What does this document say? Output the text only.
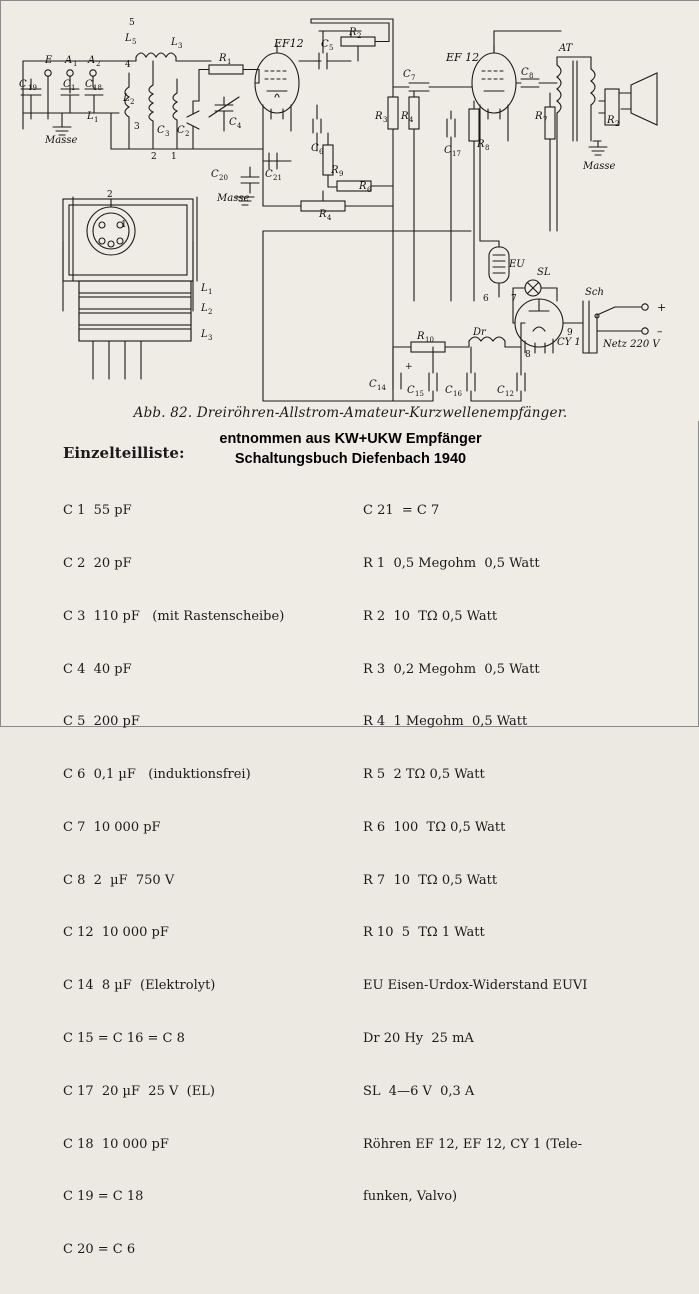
E A 1 A 2
C 19	C 1 C 18
Masse
L 5
L 2
L 1
C 3 C 2
5
4
3
2 1
R 1
C 4
EF12 C 5
R 2
C 6
R 9
C 20	C 21
Masse
R 6
R 4
R 3
C 7
R 4
C 17
R 8
EF 12
C 8
AT
R 7	R 2
Masse
EU
SL
6 7
8
9
CY 1
Sch
Netz 220 V
+
–
R 10
Dr
C 14 C 15 C 16	C 12
+
2
1
L 1
L 2
L 3
L 3
Abb. 82. Dreiröhren-Allstrom-Amateur-Kurzwellenempfänger.
entnommen aus KW+UKW Empfänger
Schaltungsbuch Diefenbach 1940
Einzelteilliste:

C 1  55 pF

C 2  20 pF

C 3  110 pF   (mit Rastenscheibe)

C 4  40 pF

C 5  200 pF

C 6  0,1 µF   (induktionsfrei)

C 7  10 000 pF

C 8  2  µF  750 V

C 12  10 000 pF

C 14  8 µF  (Elektrolyt)

C 15 = C 16 = C 8

C 17  20 µF  25 V  (EL)

C 18  10 000 pF

C 19 = C 18

C 20 = C 6

C 21  = C 7

R 1  0,5 Megohm  0,5 Watt

R 2  10  TΩ 0,5 Watt

R 3  0,2 Megohm  0,5 Watt

R 4  1 Megohm  0,5 Watt

R 5  2 TΩ 0,5 Watt

R 6  100  TΩ 0,5 Watt

R 7  10  TΩ 0,5 Watt

R 10  5  TΩ 1 Watt

EU Eisen-Urdox-Widerstand EUVI

Dr 20 Hy  25 mA

SL  4—6 V  0,3 A

Röhren EF 12, EF 12, CY 1 (Tele-

funken, Valvo)
